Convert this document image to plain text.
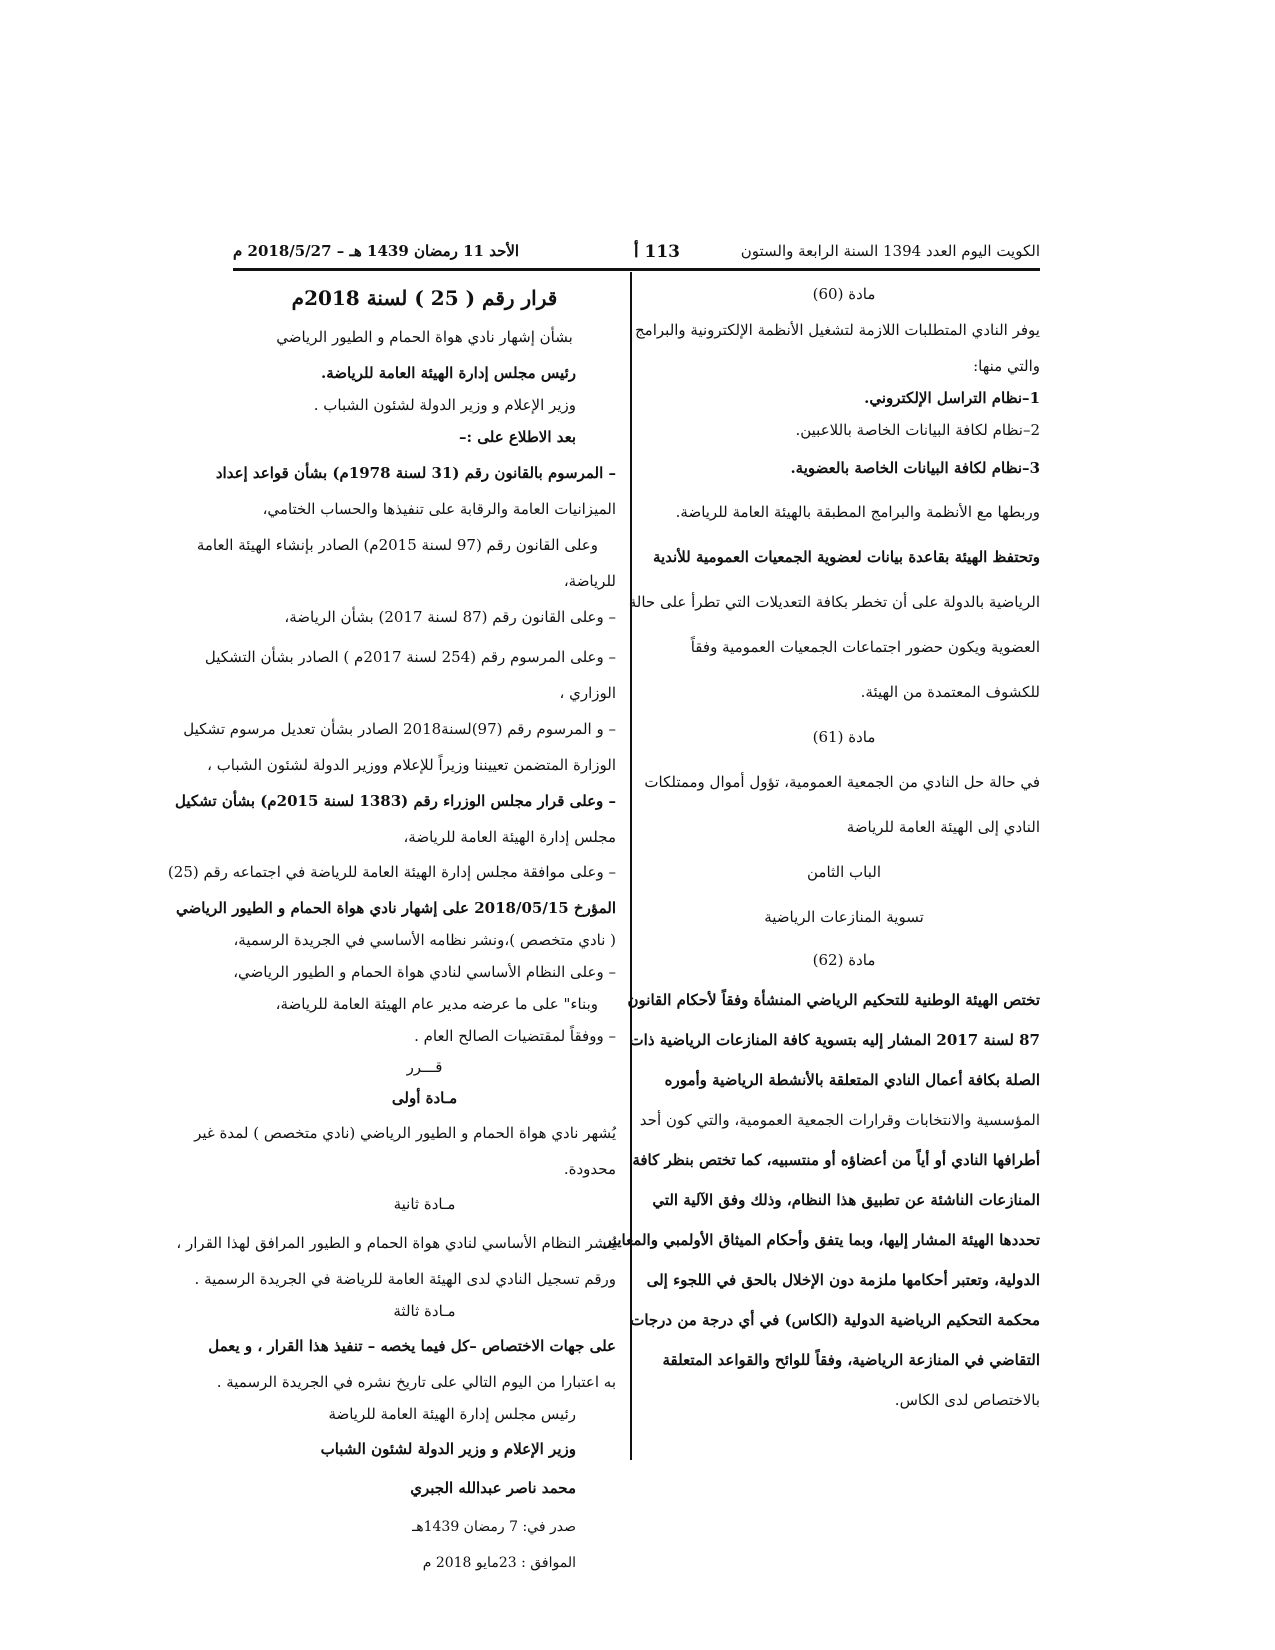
الكويت اليوم العدد 1394 السنة الرابعة والستون
113 أ
الأحد 11 رمضان 1439 هـ – 2018/5/27 م
مادة (60)
يوفر النادي المتطلبات اللازمة لتشغيل الأنظمة الإلكترونية والبرامج
والتي منها:
1–نظام التراسل الإلكتروني.
2–نظام لكافة البيانات الخاصة باللاعبين.
3–نظام لكافة البيانات الخاصة بالعضوية.
وربطها مع الأنظمة والبرامج المطبقة بالهيئة العامة للرياضة.
وتحتفظ الهيئة بقاعدة بيانات لعضوية الجمعيات العمومية للأندية
الرياضية بالدولة على أن تخطر بكافة التعديلات التي تطرأ على حالة
العضوية ويكون حضور اجتماعات الجمعيات العمومية وفقاً
للكشوف المعتمدة من الهيئة.
مادة (61)
في حالة حل النادي من الجمعية العمومية، تؤول أموال وممتلكات
النادي إلى الهيئة العامة للرياضة
الباب الثامن
تسوية المنازعات الرياضية
مادة (62)
تختص الهيئة الوطنية للتحكيم الرياضي المنشأة وفقاً لأحكام القانون
87 لسنة 2017 المشار إليه بتسوية كافة المنازعات الرياضية ذات
الصلة بكافة أعمال النادي المتعلقة بالأنشطة الرياضية وأموره
المؤسسية والانتخابات وقرارات الجمعية العمومية، والتي كون أحد
أطرافها النادي أو أياً من أعضاؤه أو منتسبيه، كما تختص بنظر كافة
المنازعات الناشئة عن تطبيق هذا النظام، وذلك وفق الآلية التي
تحددها الهيئة المشار إليها، وبما يتفق وأحكام الميثاق الأولمبي والمعايير
الدولية، وتعتبر أحكامها ملزمة دون الإخلال بالحق في اللجوء إلى
محكمة التحكيم الرياضية الدولية (الكاس) في أي درجة من درجات
التقاضي في المنازعة الرياضية، وفقاً للوائح والقواعد المتعلقة
بالاختصاص لدى الكاس.
قرار رقم ( 25 ) لسنة 2018م
بشأن إشهار نادي هواة الحمام و الطيور الرياضي
رئيس مجلس إدارة الهيئة العامة للرياضة.
وزير الإعلام و وزير الدولة لشئون الشباب .
بعد الاطلاع على :–
– المرسوم بالقانون رقم (31 لسنة 1978م) بشأن قواعد إعداد
الميزانيات العامة والرقابة على تنفيذها والحساب الختامي،
وعلى القانون رقم (97 لسنة 2015م) الصادر بإنشاء الهيئة العامة
للرياضة،
– وعلى القانون رقم (87 لسنة 2017) بشأن الرياضة،
– وعلى المرسوم رقم (254 لسنة 2017م ) الصادر بشأن التشكيل
الوزاري ،
– و المرسوم رقم (97)لسنة2018 الصادر بشأن تعديل مرسوم تشكيل
الوزارة المتضمن تعييننا وزيراً للإعلام ووزير الدولة لشئون الشباب ،
– وعلى قرار مجلس الوزراء رقم (1383 لسنة 2015م) بشأن تشكيل
مجلس إدارة الهيئة العامة للرياضة،
– وعلى موافقة مجلس إدارة الهيئة العامة للرياضة في اجتماعه رقم (25)
المؤرخ 2018/05/15 على إشهار نادي هواة الحمام و الطيور الرياضي
( نادي متخصص )،ونشر نظامه الأساسي في الجريدة الرسمية،
– وعلى النظام الأساسي لنادي هواة الحمام و الطيور الرياضي،
وبناء" على ما عرضه مدير عام الهيئة العامة للرياضة،
– ووفقاً لمقتضيات الصالح العام .
قـــرر
مـادة أولى
يُشهر نادي هواة الحمام و الطيور الرياضي (نادي متخصص ) لمدة غير
محدودة.
مـادة ثانية
يُنشر النظام الأساسي لنادي هواة الحمام و الطيور المرافق لهذا القرار ،
ورقم تسجيل النادي لدى الهيئة العامة للرياضة في الجريدة الرسمية .
مـادة ثالثة
على جهات الاختصاص –كل فيما يخصه – تنفيذ هذا القرار ، و يعمل
به اعتبارا من اليوم التالي على تاريخ نشره في الجريدة الرسمية .
رئيس مجلس إدارة الهيئة العامة للرياضة
وزير الإعلام و وزير الدولة لشئون الشباب
محمد ناصر عبدالله الجبري
صدر في: 7 رمضان 1439هـ
الموافق : 23مايو 2018 م
